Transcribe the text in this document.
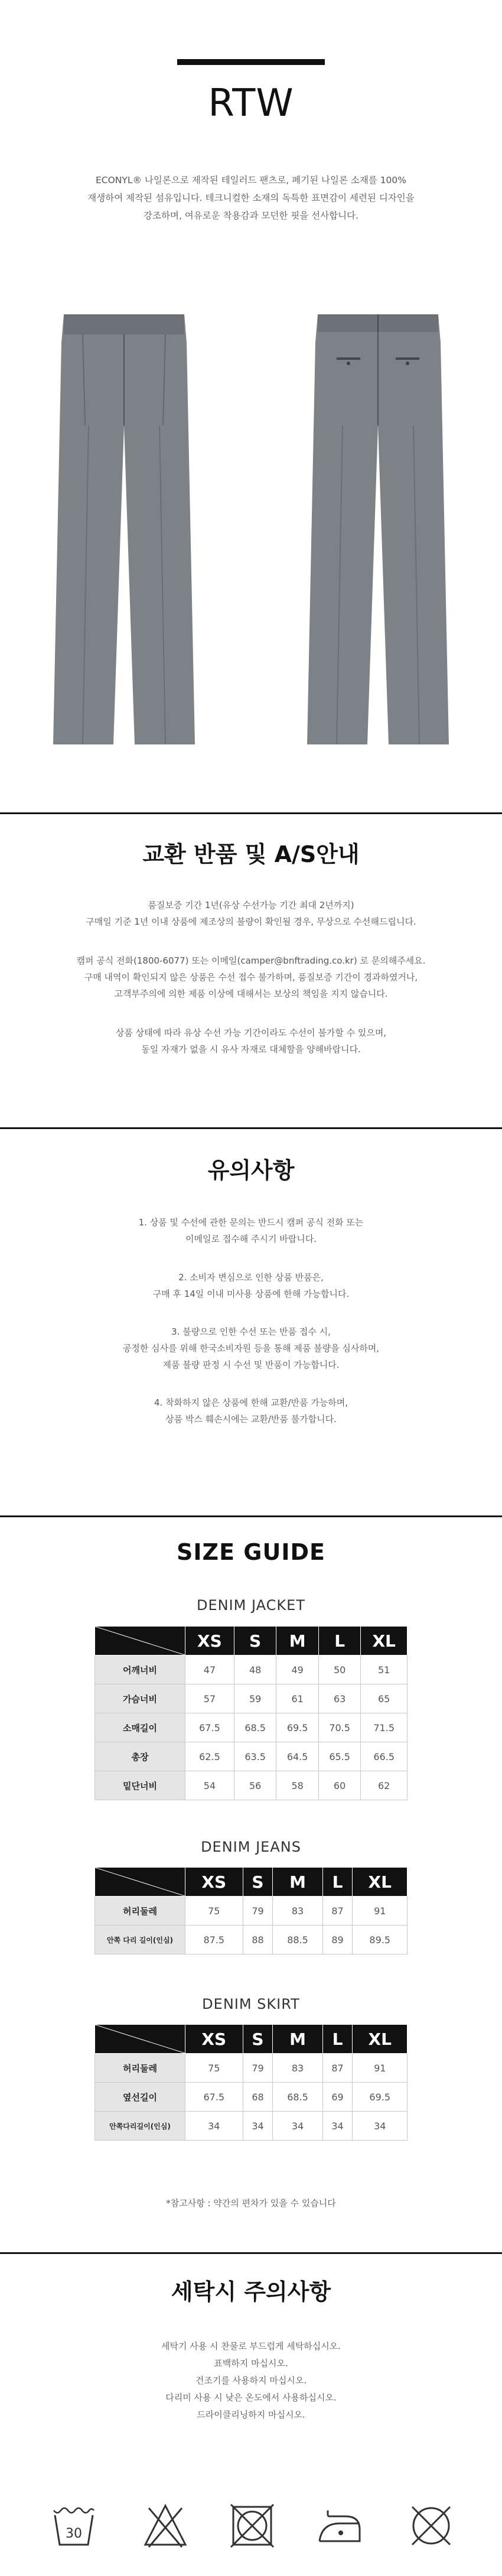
RTW
ECONYL® 나일론으로 제작된 테일러드 팬츠로, 폐기된 나일론 소재를 100%
재생하여 제작된 섬유입니다. 테크니컬한 소재의 독특한 표면감이 세련된 디자인을
강조하며, 여유로운 착용감과 모던한 핏을 선사합니다.
교환 반품 및 A/S안내
품질보증 기간 1년(유상 수선가능 기간 최대 2년까지)
구매일 기준 1년 이내 상품에 제조상의 불량이 확인될 경우, 무상으로 수선해드립니다.
캠퍼 공식 전화(1800-6077) 또는 이메일(camper@bnftrading.co.kr) 로 문의해주세요.
구매 내역이 확인되지 않은 상품은 수선 접수 불가하며, 품질보증 기간이 경과하였거나,
고객부주의에 의한 제품 이상에 대해서는 보상의 책임을 지지 않습니다.
상품 상태에 따라 유상 수선 가능 기간이라도 수선이 불가할 수 있으며,
동일 자재가 없을 시 유사 자재로 대체할을 양해바랍니다.
유의사항
1. 상품 및 수선에 관한 문의는 반드시 캠퍼 공식 전화 또는
이메일로 접수해 주시기 바랍니다.
2. 소비자 변심으로 인한 상품 반품은,
구매 후 14일 이내 미사용 상품에 한해 가능합니다.
3. 불량으로 인한 수선 또는 반품 접수 시,
공정한 심사를 위해 한국소비자원 등을 통해 제품 불량을 심사하며,
제품 불량 판정 시 수선 및 반품이 가능합니다.
4. 착화하지 않은 상품에 한해 교환/반품 가능하며,
상품 박스 훼손시에는 교환/반품 불가합니다.
SIZE GUIDE
DENIM JACKET
	XS	S	M	L	XL
어깨너비	47	48	49	50	51
가슴너비	57	59	61	63	65
소매길이	67.5	68.5	69.5	70.5	71.5
총장	62.5	63.5	64.5	65.5	66.5
밑단너비	54	56	58	60	62
DENIM JEANS
	XS	S	M	L	XL
허리둘레	75	79	83	87	91
안쪽 다리 길이(인심)	87.5	88	88.5	89	89.5
DENIM SKIRT
	XS	S	M	L	XL
허리둘레	75	79	83	87	91
옆선길이	67.5	68	68.5	69	69.5
안쪽다리길이(인심)	34	34	34	34	34
*참고사항 : 약간의 편차가 있을 수 있습니다
세탁시 주의사항
세탁기 사용 시 찬물로 부드럽게 세탁하십시오.
표백하지 마십시오.
건조기를 사용하지 마십시오.
다리미 사용 시 낮은 온도에서 사용하십시오.
드라이클리닝하지 마십시오.
30
